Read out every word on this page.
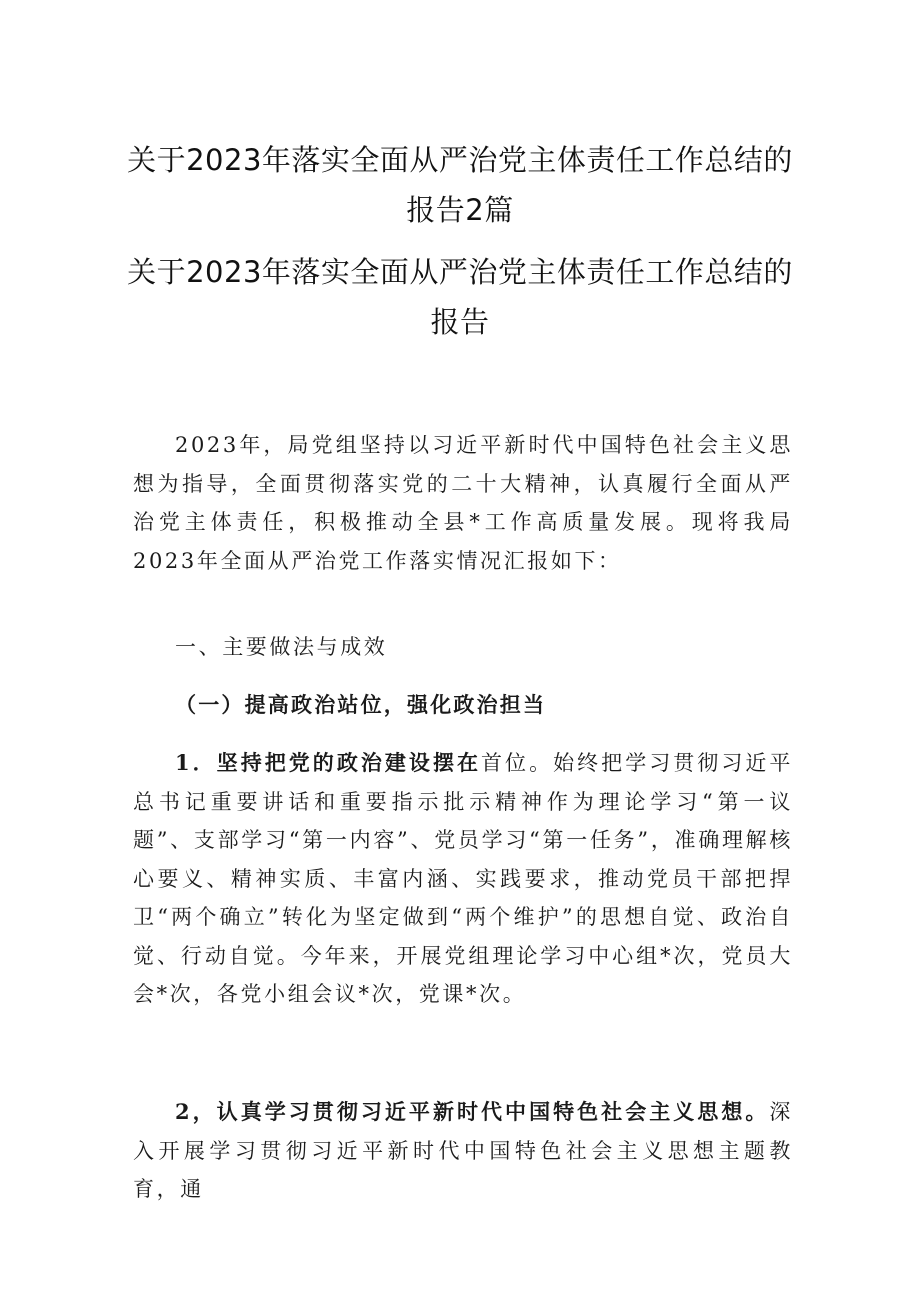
关于2023年落实全面从严治党主体责任工作总结的报告2篇
关于2023年落实全面从严治党主体责任工作总结的报告
2023年，局党组坚持以习近平新时代中国特色社会主义思想为指导，全面贯彻落实党的二十大精神，认真履行全面从严治党主体责任，积极推动全县*工作高质量发展。现将我局2023年全面从严治党工作落实情况汇报如下：
一、主要做法与成效
（一）提高政治站位，强化政治担当
1．坚持把党的政治建设摆在首位。始终把学习贯彻习近平总书记重要讲话和重要指示批示精神作为理论学习“第一议题”、支部学习“第一内容”、党员学习“第一任务”，准确理解核心要义、精神实质、丰富内涵、实践要求，推动党员干部把捍卫“两个确立”转化为坚定做到“两个维护”的思想自觉、政治自觉、行动自觉。今年来，开展党组理论学习中心组*次，党员大会*次，各党小组会议*次，党课*次。
2，认真学习贯彻习近平新时代中国特色社会主义思想。深入开展学习贯彻习近平新时代中国特色社会主义思想主题教育，通
